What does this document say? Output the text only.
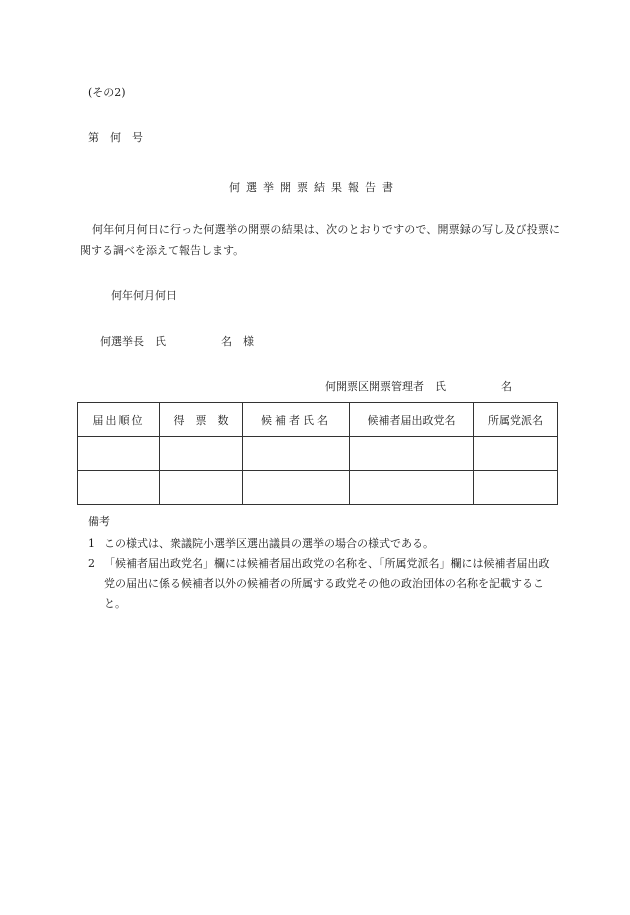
(その2)
第　何　号
何選挙開票結果報告書
何年何月何日に行った何選挙の開票の結果は、次のとおりですので、開票録の写し及び投票に関する調べを添えて報告します。
何年何月何日
何選挙長　氏　　　　　名 様
何開票区開票管理者　氏　　　　　名
届出順位	得　票　数	候補者氏名	候補者届出政党名	所属党派名

備考
1 この様式は、衆議院小選挙区選出議員の選挙の場合の様式である。
2 「候補者届出政党名」欄には候補者届出政党の名称を、「所属党派名」欄には候補者届出政党の届出に係る候補者以外の候補者の所属する政党その他の政治団体の名称を記載すること。
